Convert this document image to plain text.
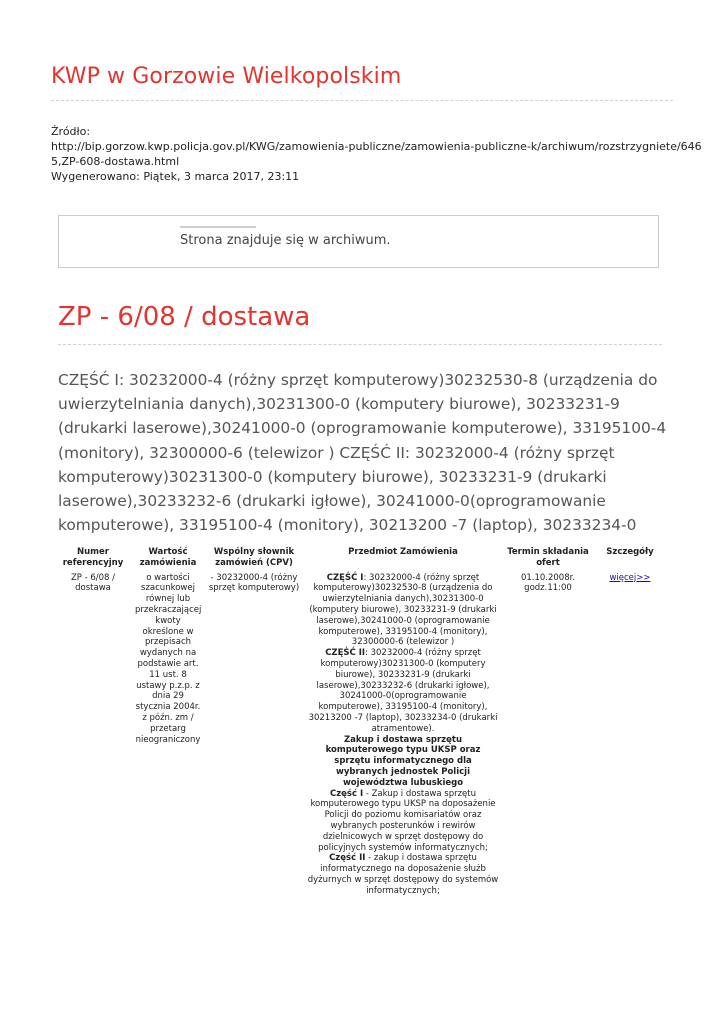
KWP w Gorzowie Wielkopolskim
Źródło:
http://bip.gorzow.kwp.policja.gov.pl/KWG/zamowienia-publiczne/zamowienia-publiczne-k/archiwum/rozstrzygniete/646
5,ZP-608-dostawa.html
Wygenerowano: Piątek, 3 marca 2017, 23:11
Strona znajduje się w archiwum.
ZP - 6/08 / dostawa

CZĘŚĆ I: 30232000-4 (różny sprzęt komputerowy)30232530-8 (urządzenia do uwierzytelniania danych),30231300-0 (komputery biurowe), 30233231-9 (drukarki laserowe),30241000-0 (oprogramowanie komputerowe), 33195100-4 (monitory), 32300000-6 (telewizor ) CZĘŚĆ II: 30232000-4 (różny sprzęt komputerowy)30231300-0 (komputery biurowe), 30233231-9 (drukarki laserowe),30233232-6 (drukarki igłowe), 30241000-0(oprogramowanie komputerowe), 33195100-4 (monitory), 30213200 -7 (laptop), 30233234-0

Numer referencyjny	Wartość zamówienia	Wspólny słownik zamówień (CPV)	Przedmiot Zamówienia	Termin składania ofert	Szczegóły
ZP - 6/08 / dostawa	o wartości szacunkowej równej lub przekraczającej kwoty określone w przepisach wydanych na podstawie art. 11 ust. 8 ustawy p.z.p. z dnia 29 stycznia 2004r. z późn. zm / przetarg nieograniczony	- 30232000-4 (różny sprzęt komputerowy)	CZĘŚĆ I: 30232000-4 (różny sprzęt komputerowy)30232530-8 (urządzenia do uwierzytelniania danych),30231300-0 (komputery biurowe), 30233231-9 (drukarki laserowe),30241000-0 (oprogramowanie komputerowe), 33195100-4 (monitory), 32300000-6 (telewizor )
CZĘŚĆ II: 30232000-4 (różny sprzęt komputerowy)30231300-0 (komputery biurowe), 30233231-9 (drukarki laserowe),30233232-6 (drukarki igłowe), 30241000-0(oprogramowanie komputerowe), 33195100-4 (monitory), 30213200 -7 (laptop), 30233234-0 (drukarki atramentowe).
Zakup i dostawa sprzętu komputerowego typu UKSP oraz sprzętu informatycznego dla wybranych jednostek Policji województwa lubuskiego
Część I - Zakup i dostawa sprzętu komputerowego typu UKSP na doposażenie Policji do poziomu komisariatów oraz wybranych posterunków i rewirów dzielnicowych w sprzęt dostępowy do policyjnych systemów informatycznych;
Część II - zakup i dostawa sprzętu informatycznego na doposażenie służb dyżurnych w sprzęt dostępowy do systemów informatycznych;	01.10.2008r.
godz.11:00	więcej>>
